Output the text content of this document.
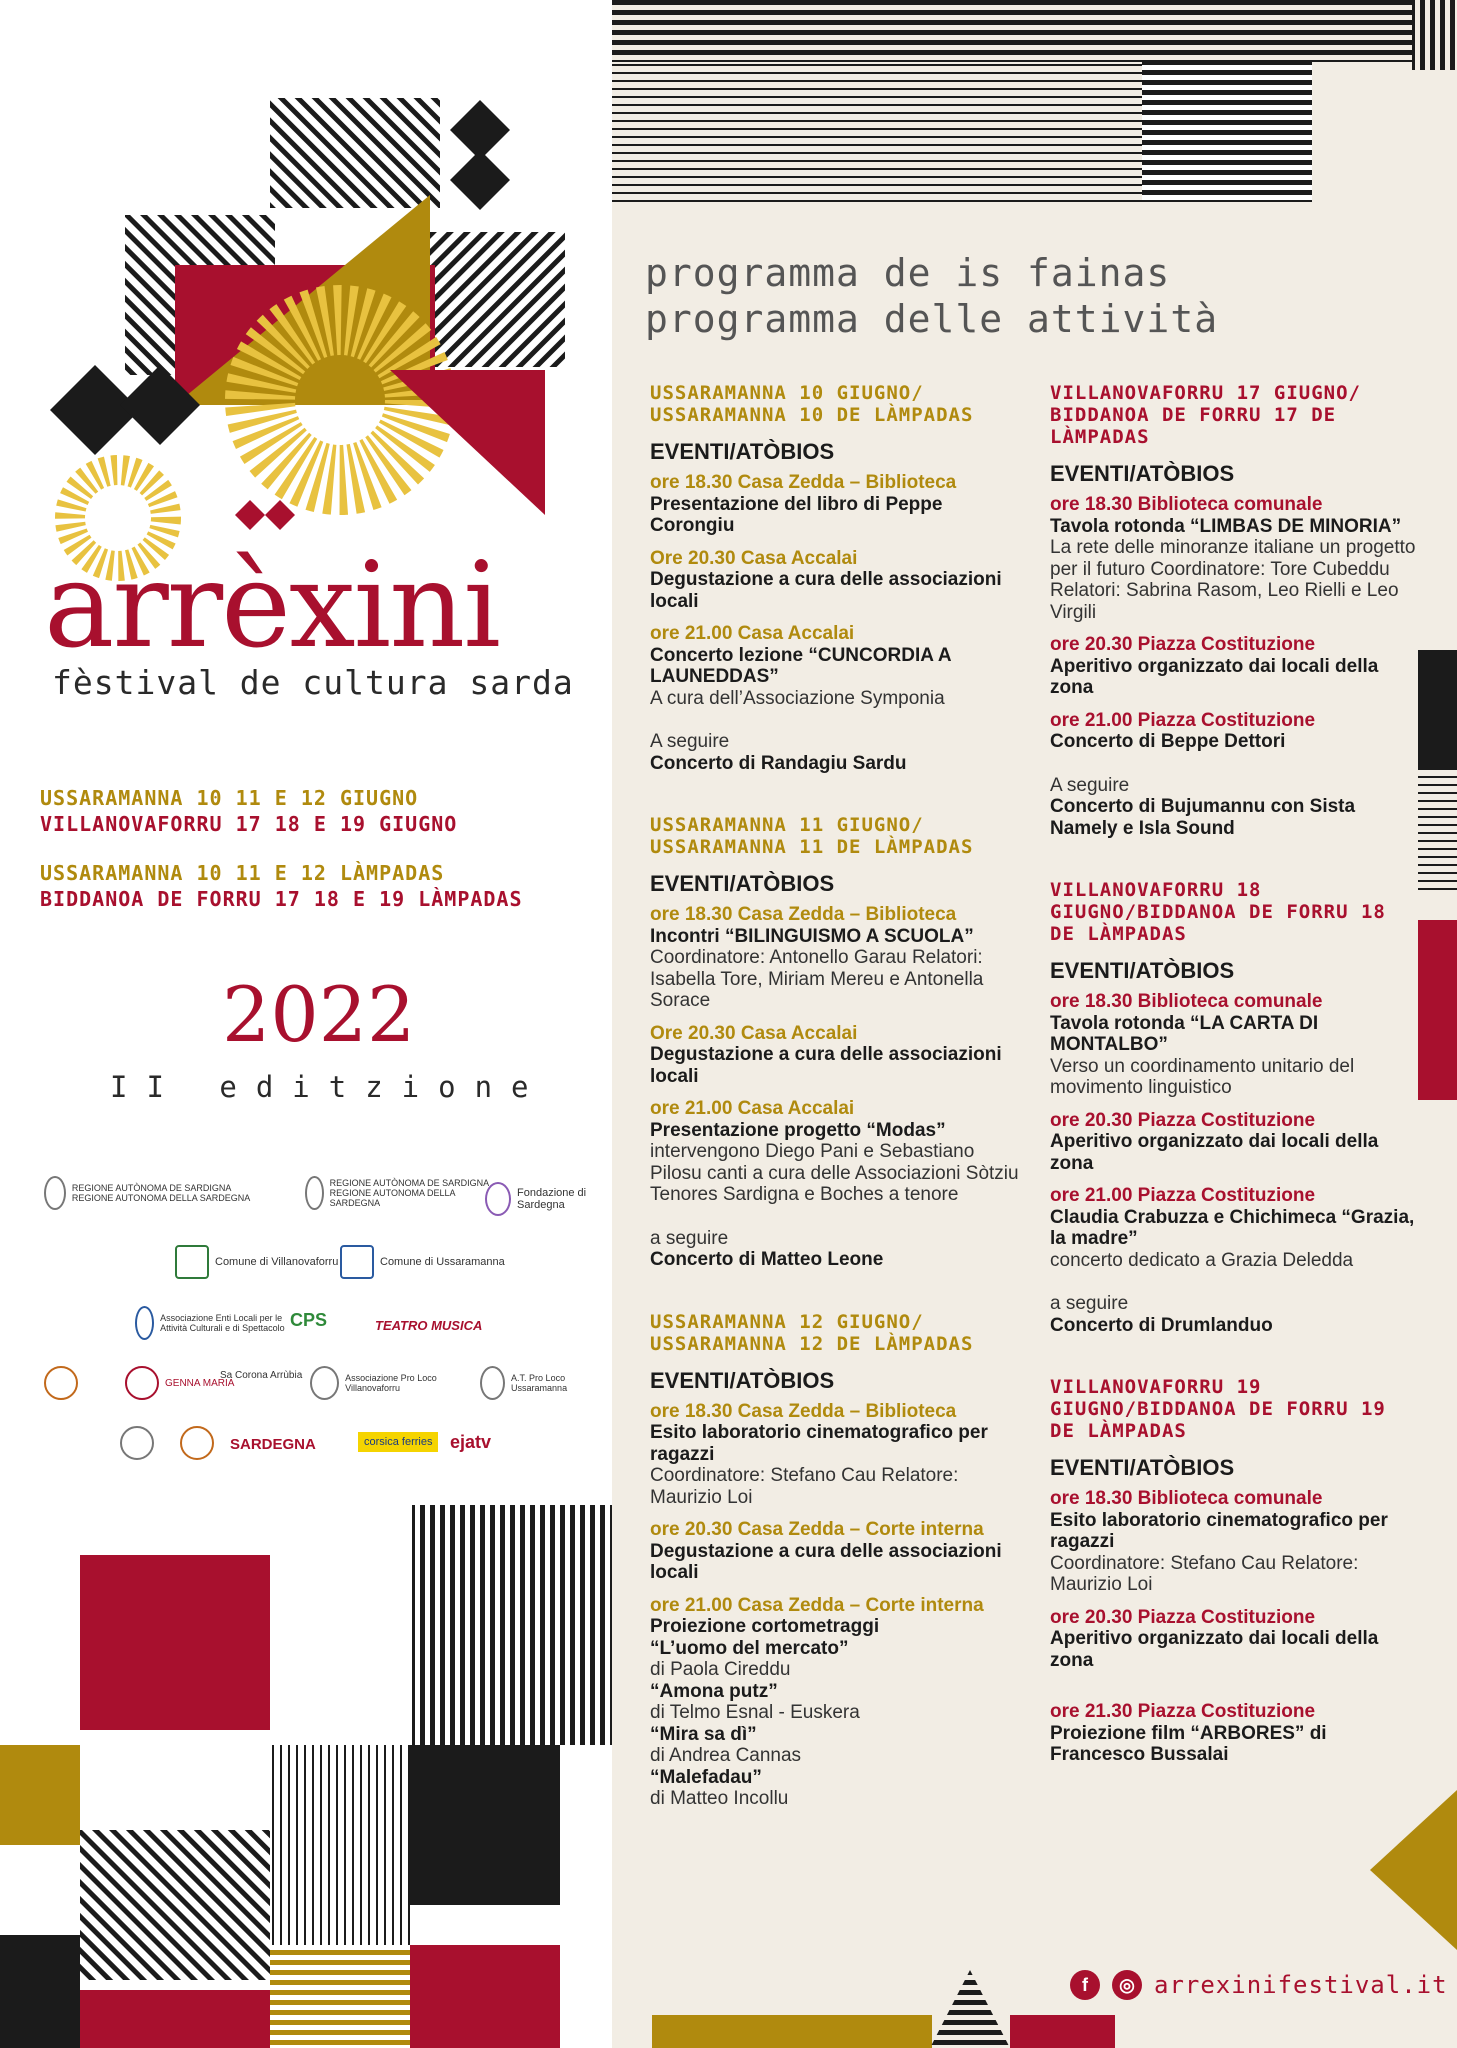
programma de is fainas
programma delle attività
arrèxini
fèstival de cultura sarda
USSARAMANNA 10 11 E 12 GIUGNO
VILLANOVAFORRU 17 18 E 19 GIUGNO
USSARAMANNA 10 11 E 12 LÀMPADAS
BIDDANOA DE FORRU 17 18 E 19 LÀMPADAS
2022
II editzione
REGIONE AUTÒNOMA DE SARDIGNA REGIONE AUTONOMA DELLA SARDEGNA
REGIONE AUTÒNOMA DE SARDIGNA REGIONE AUTONOMA DELLA SARDEGNA
Fondazione di Sardegna
Comune di Villanovaforru	Comune di Ussaramanna
Associazione Enti Locali per le Attività Culturali e di Spettacolo CPS	TEATRO MUSICA
GENNA MARIA
Sa Corona Arrùbia	Associazione Pro Loco Villanovaforru
A.T. Pro Loco Ussaramanna
SARDEGNA	corsica ferries ejatv
USSARAMANNA 10 GIUGNO/ USSARAMANNA 10 DE LÀMPADAS
EVENTI/ATÒBIOS
ore 18.30 Casa Zedda – Biblioteca
Presentazione del libro di Peppe Corongiu
Ore 20.30 Casa Accalai
Degustazione a cura delle associazioni locali
ore 21.00 Casa Accalai
Concerto lezione “CUNCORDIA A LAUNEDDAS”
A cura dell’Associazione Symponia
A seguire
Concerto di Randagiu Sardu
USSARAMANNA 11 GIUGNO/ USSARAMANNA 11 DE LÀMPADAS
EVENTI/ATÒBIOS
ore 18.30 Casa Zedda – Biblioteca
Incontri “BILINGUISMO A SCUOLA”
Coordinatore: Antonello Garau Relatori: Isabella Tore, Miriam Mereu e Antonella Sorace
Ore 20.30 Casa Accalai
Degustazione a cura delle associazioni locali
ore 21.00 Casa Accalai
Presentazione progetto “Modas”
intervengono Diego Pani e Sebastiano Pilosu canti a cura delle Associazioni Sòtziu Tenores Sardigna e Boches a tenore
a seguire
Concerto di Matteo Leone
USSARAMANNA 12 GIUGNO/ USSARAMANNA 12 DE LÀMPADAS
EVENTI/ATÒBIOS
ore 18.30 Casa Zedda – Biblioteca
Esito laboratorio cinematografico per ragazzi
Coordinatore: Stefano Cau Relatore: Maurizio Loi
ore 20.30 Casa Zedda – Corte interna
Degustazione a cura delle associazioni locali
ore 21.00 Casa Zedda – Corte interna
Proiezione cortometraggi
“L’uomo del mercato”
di Paola Cireddu
“Amona putz”
di Telmo Esnal - Euskera
“Mira sa dì”
di Andrea Cannas
“Malefadau”
di Matteo Incollu
VILLANOVAFORRU 17 GIUGNO/ BIDDANOA DE FORRU 17 DE LÀMPADAS
EVENTI/ATÒBIOS
ore 18.30 Biblioteca comunale
Tavola rotonda “LIMBAS DE MINORIA”
La rete delle minoranze italiane un progetto per il futuro Coordinatore: Tore Cubeddu Relatori: Sabrina Rasom, Leo Rielli e Leo Virgili
ore 20.30 Piazza Costituzione
Aperitivo organizzato dai locali della zona
ore 21.00 Piazza Costituzione
Concerto di Beppe Dettori
A seguire
Concerto di Bujumannu con Sista Namely e Isla Sound
VILLANOVAFORRU 18 GIUGNO/BIDDANOA DE FORRU 18 DE LÀMPADAS
EVENTI/ATÒBIOS
ore 18.30 Biblioteca comunale
Tavola rotonda “LA CARTA DI MONTALBO”
Verso un coordinamento unitario del movimento linguistico
ore 20.30 Piazza Costituzione
Aperitivo organizzato dai locali della zona
ore 21.00 Piazza Costituzione
Claudia Crabuzza e Chichimeca “Grazia, la madre”
concerto dedicato a Grazia Deledda
a seguire
Concerto di Drumlanduo
VILLANOVAFORRU 19 GIUGNO/BIDDANOA DE FORRU 19 DE LÀMPADAS
EVENTI/ATÒBIOS
ore 18.30 Biblioteca comunale
Esito laboratorio cinematografico per ragazzi
Coordinatore: Stefano Cau Relatore: Maurizio Loi
ore 20.30 Piazza Costituzione
Aperitivo organizzato dai locali della zona
ore 21.30 Piazza Costituzione
Proiezione film “ARBORES” di Francesco Bussalai
f	◎ arrexinifestival.it
